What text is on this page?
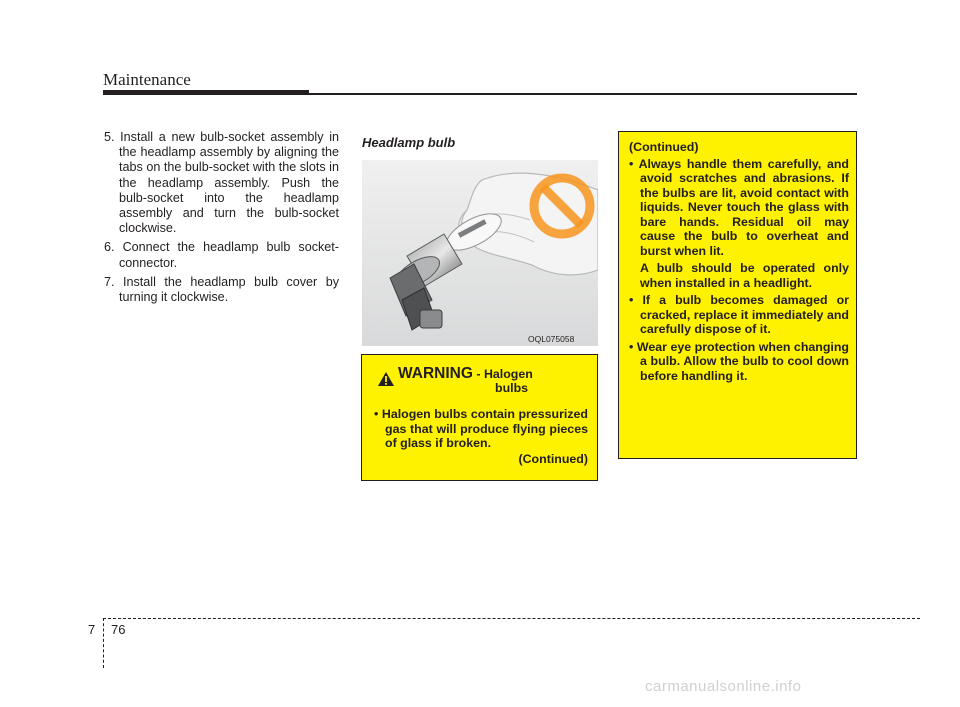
Maintenance

5. Install a new bulb-socket assembly in the headlamp assembly by aligning the tabs on the bulb-socket with the slots in the headlamp assembly. Push the bulb-socket into the headlamp assembly and turn the bulb-socket clockwise.

6. Connect the headlamp bulb socket-connector.

7. Install the headlamp bulb cover by turning it clockwise.

Headlamp bulb
OQL075058
WARNING - Halogen
bulbs

• Halogen bulbs contain pressurized gas that will produce flying pieces of glass if broken.

(Continued)
(Continued)

• Always handle them carefully, and avoid scratches and abrasions. If the bulbs are lit, avoid contact with liquids. Never touch the glass with bare hands. Residual oil may cause the bulb to overheat and burst when lit.

A bulb should be operated only when installed in a headlight.

• If a bulb becomes damaged or cracked, replace it immediately and carefully dispose of it.

• Wear eye protection when changing a bulb. Allow the bulb to cool down before handling it.

7 76
carmanualsonline.info
